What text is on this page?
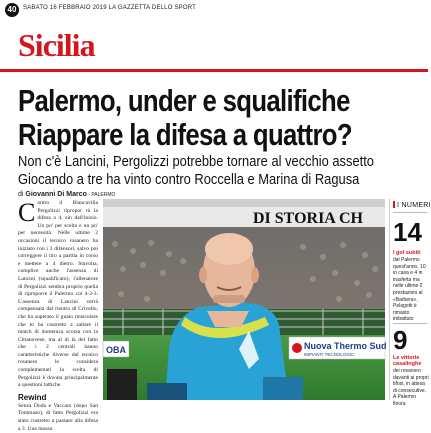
40	SABATO 16 FEBBRAIO 2019 LA GAZZETTA DELLO SPORT
Sicilia
Palermo, under e squalifiche
Riappare la difesa a quattro?
Non c'è Lancini, Pergolizzi potrebbe tornare al vecchio assetto
Giocando a tre ha vinto contro Roccella e Marina di Ragusa
di Giovanni Di Marco - PALERMO
C ontro il Biancavilla Pergolizzi ripropor rà la difesa a 4, sin dall'inizio. Un po' per scelta e un po' per necessità. Nelle ultime 2 occasioni il tecnico rosanero ha iniziato con i 3 difensori, salvo poi correggere il tiro a partita in corso e mettere a 4 dietro. Stavolta, complice anche l'assenza di Lancini (squalificato), l'allenatore di Pergolizzi sembra proprio quella di riproporre il Palermo col 4-3-3. L'assenza di Lancini verrà compensata dal rientro di Crivello, che ha superato il guaio muscolare che lo ha costretto a saltare il match di domenica scorsa con la Cittanovese, ma al di là del fatto che i 2 centrali hanno caratteristiche diverse dal tecnico rosanero le considera complementari la scelta di Pergolizzi è dovuta principalmente a questioni tattiche.

Rewind

Senza Doda e Vaccaro (dopo San Tommaso), di fatto Pergolizzi era stato costretto a passare alla difesa a 3. Una mossa

DI STORIA CH
OBA	Nuova Thermo Sud
IMPIANTI TECNOLOGIC
I NUMERI
14
I gol subiti
dal Palermo quest'anno, 10 in casa e 4 in trasferta ma nelle ultime 2 prestazioni al «Barbera», Pelagotti è rimasto imbattuto
9
Le vittorie casalinghe
dei rosanero davanti ai propri tifosi, in attesa di consecutive. A Palermo finora
